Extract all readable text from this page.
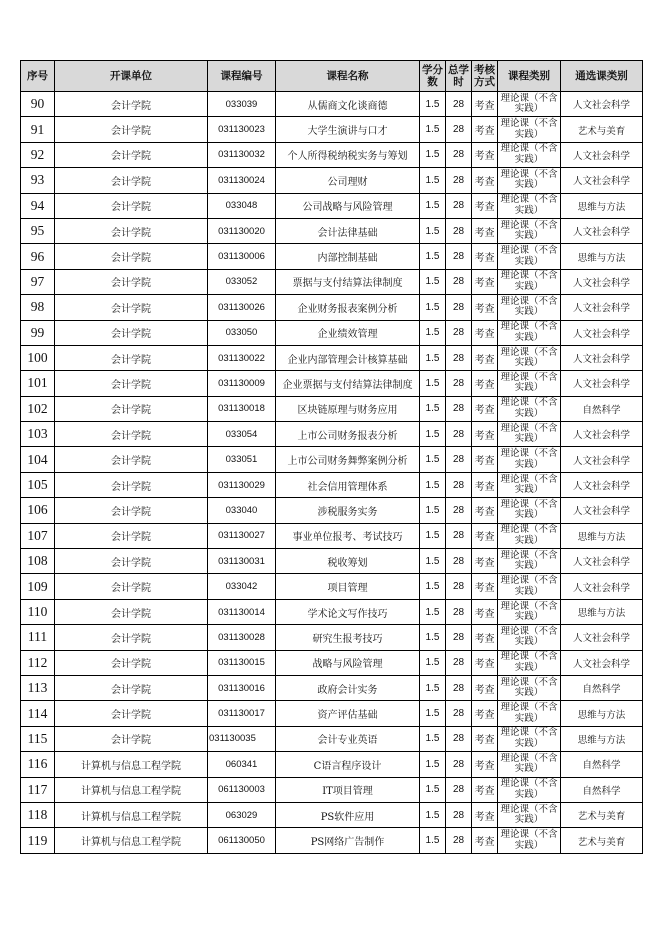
序号	开课单位	课程编号	课程名称	学分数	总学时	考核方式	课程类别	通选课类别
90	会计学院	033039	从儒商文化谈商德	1.5	28	考查	理论课（不含实践）	人文社会科学
91	会计学院	031130023	大学生演讲与口才	1.5	28	考查	理论课（不含实践）	艺术与美育
92	会计学院	031130032	个人所得税纳税实务与筹划	1.5	28	考查	理论课（不含实践）	人文社会科学
93	会计学院	031130024	公司理财	1.5	28	考查	理论课（不含实践）	人文社会科学
94	会计学院	033048	公司战略与风险管理	1.5	28	考查	理论课（不含实践）	思维与方法
95	会计学院	031130020	会计法律基础	1.5	28	考查	理论课（不含实践）	人文社会科学
96	会计学院	031130006	内部控制基础	1.5	28	考查	理论课（不含实践）	思维与方法
97	会计学院	033052	票据与支付结算法律制度	1.5	28	考查	理论课（不含实践）	人文社会科学
98	会计学院	031130026	企业财务报表案例分析	1.5	28	考查	理论课（不含实践）	人文社会科学
99	会计学院	033050	企业绩效管理	1.5	28	考查	理论课（不含实践）	人文社会科学
100	会计学院	031130022	企业内部管理会计核算基础	1.5	28	考查	理论课（不含实践）	人文社会科学
101	会计学院	031130009	企业票据与支付结算法律制度	1.5	28	考查	理论课（不含实践）	人文社会科学
102	会计学院	031130018	区块链原理与财务应用	1.5	28	考查	理论课（不含实践）	自然科学
103	会计学院	033054	上市公司财务报表分析	1.5	28	考查	理论课（不含实践）	人文社会科学
104	会计学院	033051	上市公司财务舞弊案例分析	1.5	28	考查	理论课（不含实践）	人文社会科学
105	会计学院	031130029	社会信用管理体系	1.5	28	考查	理论课（不含实践）	人文社会科学
106	会计学院	033040	涉税服务实务	1.5	28	考查	理论课（不含实践）	人文社会科学
107	会计学院	031130027	事业单位报考、考试技巧	1.5	28	考查	理论课（不含实践）	思维与方法
108	会计学院	031130031	税收筹划	1.5	28	考查	理论课（不含实践）	人文社会科学
109	会计学院	033042	项目管理	1.5	28	考查	理论课（不含实践）	人文社会科学
110	会计学院	031130014	学术论文写作技巧	1.5	28	考查	理论课（不含实践）	思维与方法
111	会计学院	031130028	研究生报考技巧	1.5	28	考查	理论课（不含实践）	人文社会科学
112	会计学院	031130015	战略与风险管理	1.5	28	考查	理论课（不含实践）	人文社会科学
113	会计学院	031130016	政府会计实务	1.5	28	考查	理论课（不含实践）	自然科学
114	会计学院	031130017	资产评估基础	1.5	28	考查	理论课（不含实践）	思维与方法
115	会计学院	031130035	会计专业英语	1.5	28	考查	理论课（不含实践）	思维与方法
116	计算机与信息工程学院	060341	C语言程序设计	1.5	28	考查	理论课（不含实践）	自然科学
117	计算机与信息工程学院	061130003	IT项目管理	1.5	28	考查	理论课（不含实践）	自然科学
118	计算机与信息工程学院	063029	PS软件应用	1.5	28	考查	理论课（不含实践）	艺术与美育
119	计算机与信息工程学院	061130050	PS网络广告制作	1.5	28	考查	理论课（不含实践）	艺术与美育
